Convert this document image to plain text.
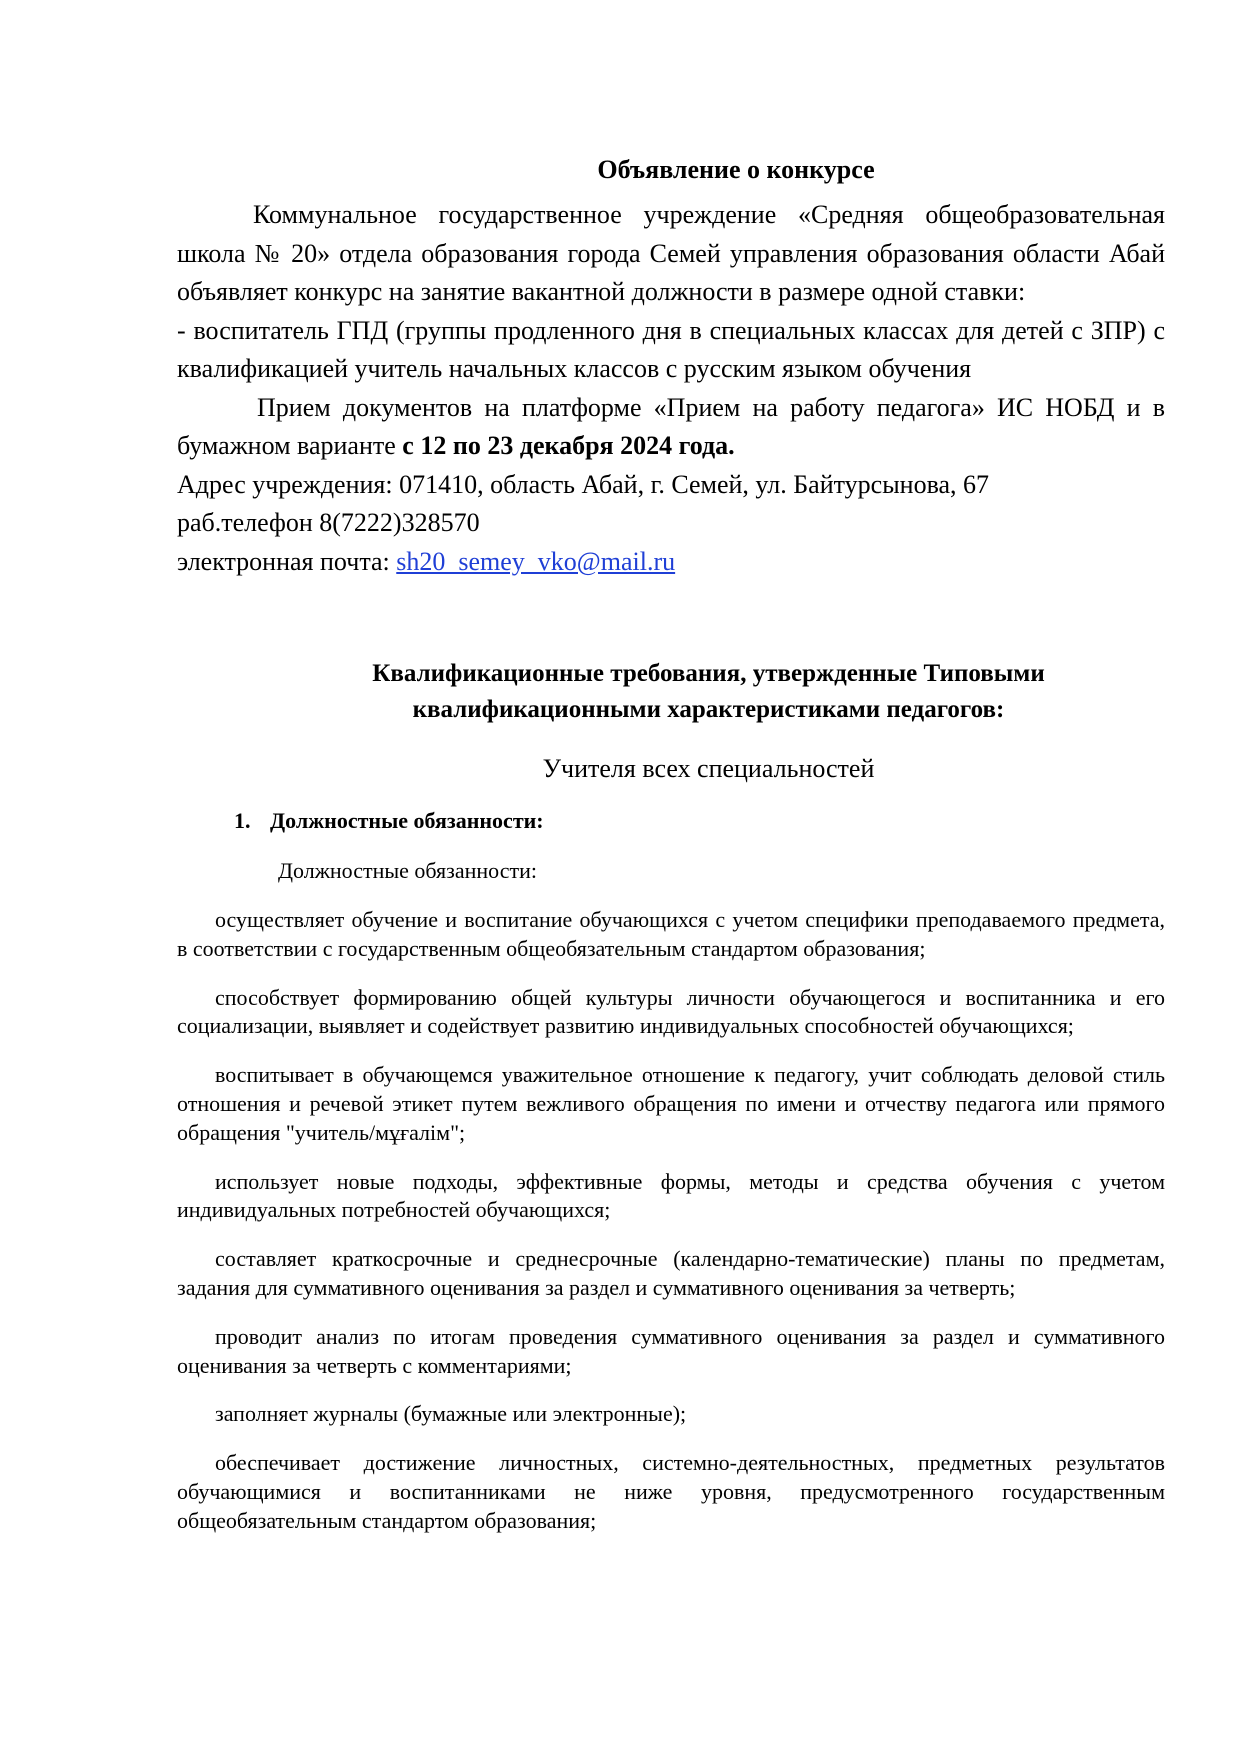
Объявление о конкурсе

Коммунальное государственное учреждение «Средняя общеобразовательная школа № 20» отдела образования города Семей управления образования области Абай объявляет конкурс на занятие вакантной должности в размере одной ставки:

- воспитатель ГПД (группы продленного дня в специальных классах для детей с ЗПР) с квалификацией учитель начальных классов с русским языком обучения

Прием документов на платформе «Прием на работу педагога» ИС НОБД и в бумажном варианте с 12 по 23 декабря 2024 года.

Адрес учреждения: 071410, область Абай, г. Семей, ул. Байтурсынова, 67

раб.телефон 8(7222)328570

электронная почта: sh20_semey_vko@mail.ru

Квалификационные требования, утвержденные Типовыми
квалификационными характеристиками педагогов:

Учителя всех специальностей

1. Должностные обязанности:

Должностные обязанности:

осуществляет обучение и воспитание обучающихся с учетом специфики преподаваемого предмета, в соответствии с государственным общеобязательным стандартом образования;

способствует формированию общей культуры личности обучающегося и воспитанника и его социализации, выявляет и содействует развитию индивидуальных способностей обучающихся;

воспитывает в обучающемся уважительное отношение к педагогу, учит соблюдать деловой стиль отношения и речевой этикет путем вежливого обращения по имени и отчеству педагога или прямого обращения "учитель/мұғалім";

использует новые подходы, эффективные формы, методы и средства обучения с учетом индивидуальных потребностей обучающихся;

составляет краткосрочные и среднесрочные (календарно-тематические) планы по предметам, задания для суммативного оценивания за раздел и суммативного оценивания за четверть;

проводит анализ по итогам проведения суммативного оценивания за раздел и суммативного оценивания за четверть с комментариями;

заполняет журналы (бумажные или электронные);

обеспечивает достижение личностных, системно-деятельностных, предметных результатов обучающимися и воспитанниками не ниже уровня, предусмотренного государственным общеобязательным стандартом образования;
